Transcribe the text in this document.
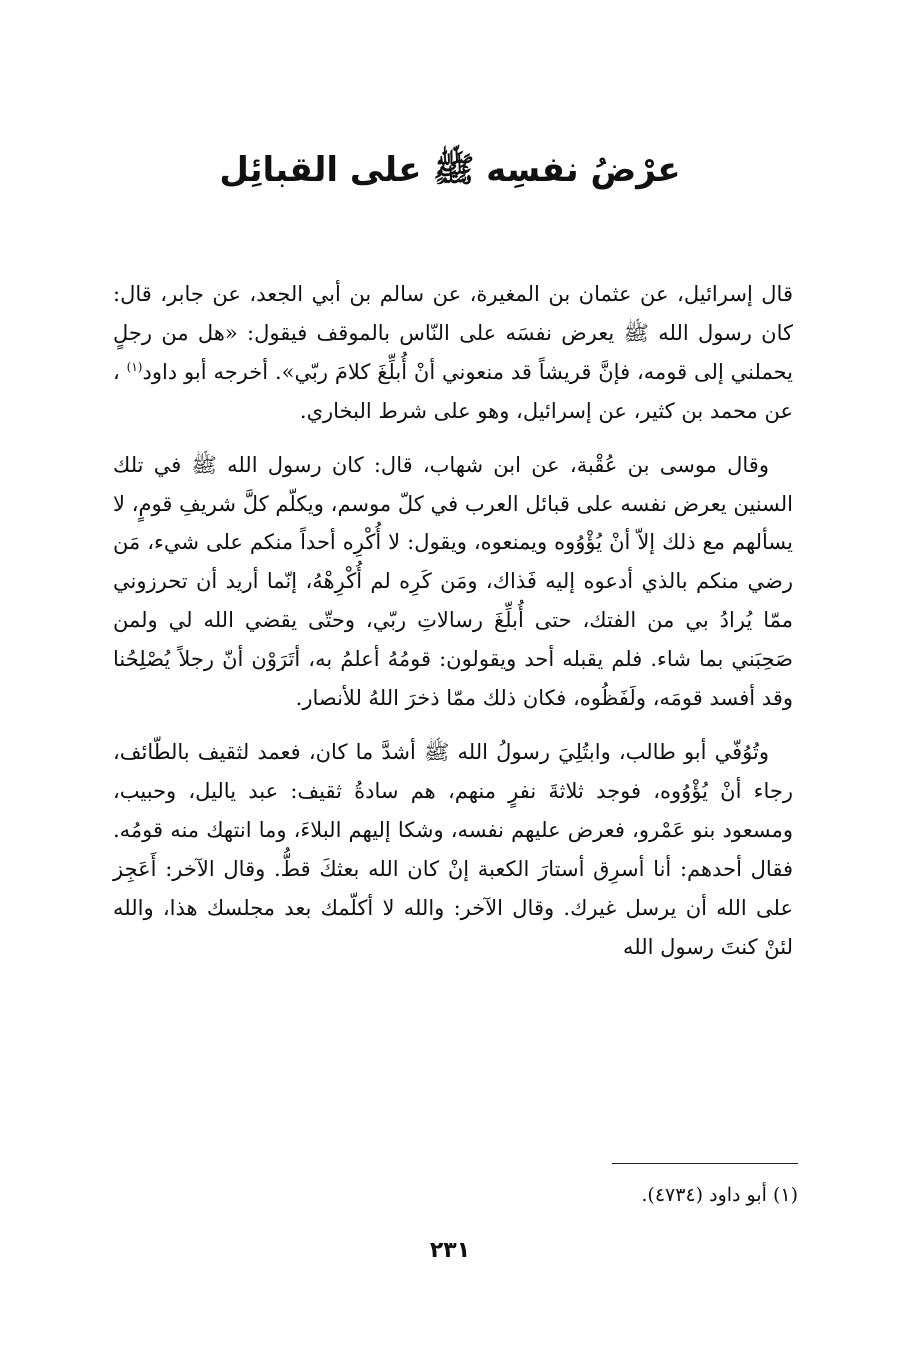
عرْضُ نفسِه ﷺ على القبائِل

قال إسرائيل، عن عثمان بن المغيرة، عن سالم بن أبي الجعد، عن جابر، قال: كان رسول الله ﷺ يعرض نفسَه على النّاس بالموقف فيقول: «هل من رجلٍ يحملني إلى قومه، فإنَّ قريشاً قد منعوني أنْ أُبلِّغَ كلامَ ربّي». أخرجه أبو داود$^{(١)}$ ، عن محمد بن كثير، عن إسرائيل، وهو على شرط البخاري.

وقال موسى بن عُقْبة، عن ابن شهاب، قال: كان رسول الله ﷺ في تلك السنين يعرض نفسه على قبائل العرب في كلّ موسم، ويكلّم كلَّ شريفِ قومٍ، لا يسألهم مع ذلك إلاّ أنْ يُؤْوُوه ويمنعوه، ويقول: لا أُكْرِه أحداً منكم على شيء، مَن رضي منكم بالذي أدعوه إليه فَذاك، ومَن كَرِه لم أُكْرِهْهُ، إنّما أريد أن تحرزوني ممّا يُرادُ بي من الفتك، حتى أُبلِّغَ رسالاتِ ربّي، وحتّى يقضي الله لي ولمن صَحِبَني بما شاء. فلم يقبله أحد ويقولون: قومُهُ أعلمُ به، أتَرَوْن أنّ رجلاً يُصْلِحُنا وقد أفسد قومَه، ولَفَظُوه، فكان ذلك ممّا ذخرَ اللهُ للأنصار.

وتُوُفّي أبو طالب، وابتُلِيَ رسولُ الله ﷺ أشدَّ ما كان، فعمد لثقيف بالطّائف، رجاء أنْ يُؤْوُوه، فوجد ثلاثةَ نفرٍ منهم، هم سادةُ ثقيف: عبد ياليل، وحبيب، ومسعود بنو عَمْرو، فعرض عليهم نفسه، وشكا إليهم البلاءَ، وما انتهك منه قومُه. فقال أحدهم: أنا أسرِق أستارَ الكعبة إنْ كان الله بعثكَ قطُّ. وقال الآخر: أَعَجِز على الله أن يرسل غيرك. وقال الآخر: والله لا أكلّمك بعد مجلسك هذا، والله لئنْ كنتَ رسول الله

(١) أبو داود (٤٧٣٤).

٢٣١
